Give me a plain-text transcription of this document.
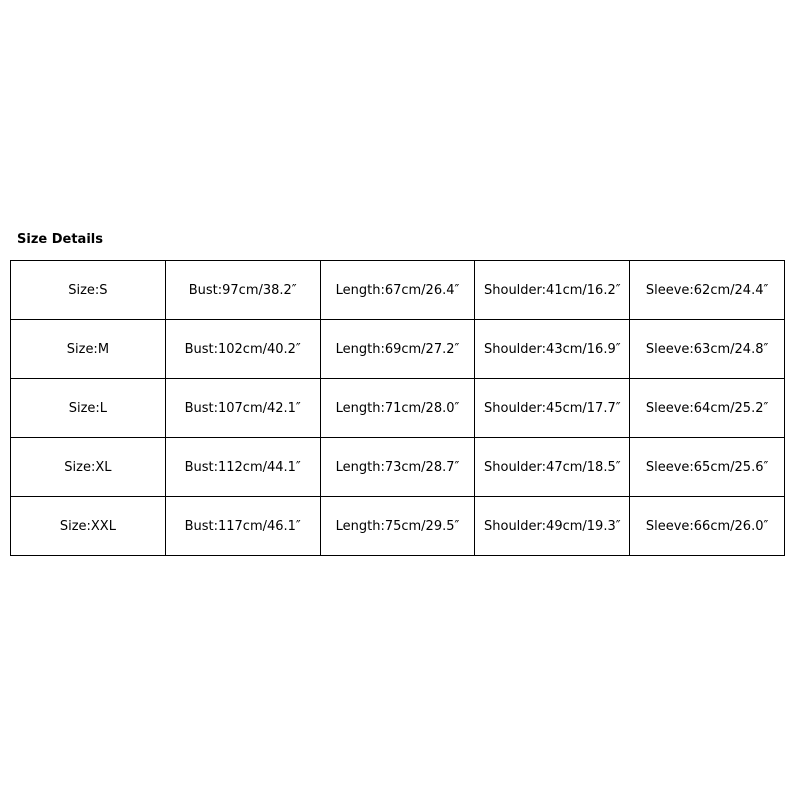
Size Details
Size:S	Bust:97cm/38.2″	Length:67cm/26.4″	Shoulder:41cm/16.2″	Sleeve:62cm/24.4″
Size:M	Bust:102cm/40.2″	Length:69cm/27.2″	Shoulder:43cm/16.9″	Sleeve:63cm/24.8″
Size:L	Bust:107cm/42.1″	Length:71cm/28.0″	Shoulder:45cm/17.7″	Sleeve:64cm/25.2″
Size:XL	Bust:112cm/44.1″	Length:73cm/28.7″	Shoulder:47cm/18.5″	Sleeve:65cm/25.6″
Size:XXL	Bust:117cm/46.1″	Length:75cm/29.5″	Shoulder:49cm/19.3″	Sleeve:66cm/26.0″
